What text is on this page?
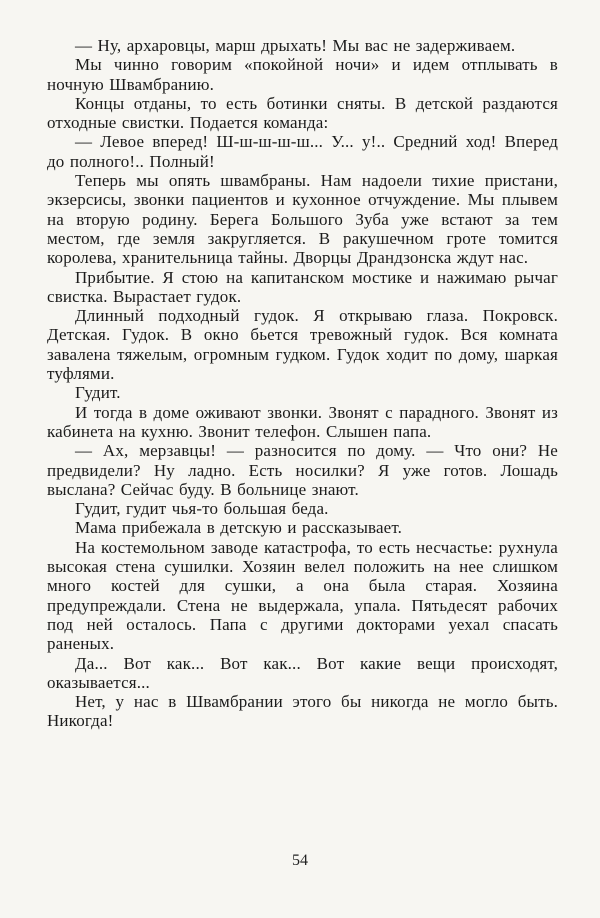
— Ну, архаровцы, марш дрыхать! Мы вас не задерживаем.

Мы чинно говорим «покойной ночи» и идем отплывать в ночную Швамбранию.

Концы отданы, то есть ботинки сняты. В детской раздаются отходные свистки. Подается команда:

— Левое вперед! Ш-ш-ш-ш-ш... У... у!.. Средний ход! Вперед до полного!.. Полный!

Теперь мы опять швамбраны. Нам надоели тихие пристани, экзерсисы, звонки пациентов и кухонное отчуждение. Мы плывем на вторую родину. Берега Большого Зуба уже встают за тем местом, где земля закругляется. В ракушечном гроте томится королева, хранительница тайны. Дворцы Драндзонска ждут нас.

Прибытие. Я стою на капитанском мостике и нажимаю рычаг свистка. Вырастает гудок.

Длинный подходный гудок. Я открываю глаза. Покровск. Детская. Гудок. В окно бьется тревожный гудок. Вся комната завалена тяжелым, огромным гудком. Гудок ходит по дому, шаркая туфлями.

Гудит.

И тогда в доме оживают звонки. Звонят с парадного. Звонят из кабинета на кухню. Звонит телефон. Слышен папа.

— Ах, мерзавцы! — разносится по дому. — Что они? Не предвидели? Ну ладно. Есть носилки? Я уже готов. Лошадь выслана? Сейчас буду. В больнице знают.

Гудит, гудит чья-то большая беда.

Мама прибежала в детскую и рассказывает.

На костемольном заводе катастрофа, то есть несчастье: рухнула высокая стена сушилки. Хозяин велел положить на нее слишком много костей для сушки, а она была старая. Хозяина предупреждали. Стена не выдержала, упала. Пятьдесят рабочих под ней осталось. Папа с другими докторами уехал спасать раненых.

Да... Вот как... Вот как... Вот какие вещи происходят, оказывается...

Нет, у нас в Швамбрании этого бы никогда не могло быть. Никогда!

54
